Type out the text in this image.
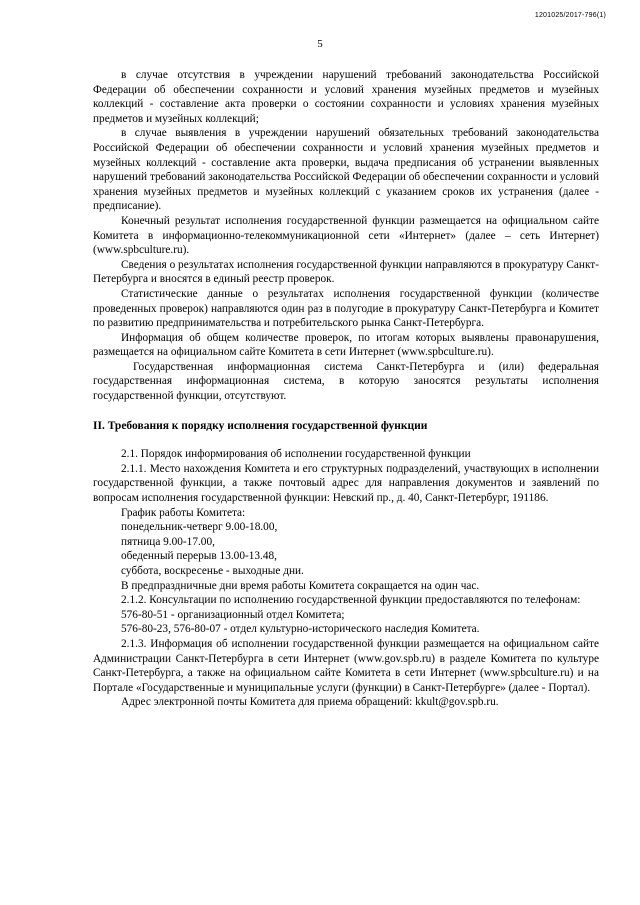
1201025/2017-796(1)
5

в случае отсутствия в учреждении нарушений требований законодательства Российской Федерации об обеспечении сохранности и условий хранения музейных предметов и музейных коллекций - составление акта проверки о состоянии сохранности и условиях хранения музейных предметов и музейных коллекций;

в случае выявления в учреждении нарушений обязательных требований законодательства Российской Федерации об обеспечении сохранности и условий хранения музейных предметов и музейных коллекций - составление акта проверки, выдача предписания об устранении выявленных нарушений требований законодательства Российской Федерации об обеспечении сохранности и условий хранения музейных предметов и музейных коллекций с указанием сроков их устранения (далее - предписание).

Конечный результат исполнения государственной функции размещается на официальном сайте Комитета в информационно-телекоммуникационной сети «Интернет» (далее – сеть Интернет) (www.spbculture.ru).

Сведения о результатах исполнения государственной функции направляются в прокуратуру Санкт-Петербурга и вносятся в единый реестр проверок.

Статистические данные о результатах исполнения государственной функции (количестве проведенных проверок) направляются один раз в полугодие в прокуратуру Санкт-Петербурга и Комитет по развитию предпринимательства и потребительского рынка Санкт-Петербурга.

Информация об общем количестве проверок, по итогам которых выявлены правонарушения, размещается на официальном сайте Комитета в сети Интернет (www.spbculture.ru).

Государственная информационная система Санкт-Петербурга и (или) федеральная государственная информационная система, в которую заносятся результаты исполнения государственной функции, отсутствуют.

II. Требования к порядку исполнения государственной функции

2.1. Порядок информирования об исполнении государственной функции

2.1.1. Место нахождения Комитета и его структурных подразделений, участвующих в исполнении государственной функции, а также почтовый адрес для направления документов и заявлений по вопросам исполнения государственной функции: Невский пр., д. 40, Санкт-Петербург, 191186.

График работы Комитета:

понедельник-четверг 9.00-18.00,

пятница 9.00-17.00,

обеденный перерыв 13.00-13.48,

суббота, воскресенье - выходные дни.

В предпраздничные дни время работы Комитета сокращается на один час.

2.1.2. Консультации по исполнению государственной функции предоставляются по телефонам:

576-80-51 - организационный отдел Комитета;

576-80-23, 576-80-07 - отдел культурно-исторического наследия Комитета.

2.1.3. Информация об исполнении государственной функции размещается на официальном сайте Администрации Санкт-Петербурга в сети Интернет (www.gov.spb.ru) в разделе Комитета по культуре Санкт-Петербурга, а также на официальном сайте Комитета в сети Интернет (www.spbculture.ru) и на Портале «Государственные и муниципальные услуги (функции) в Санкт-Петербурге» (далее - Портал).

Адрес электронной почты Комитета для приема обращений: kkult@gov.spb.ru.
